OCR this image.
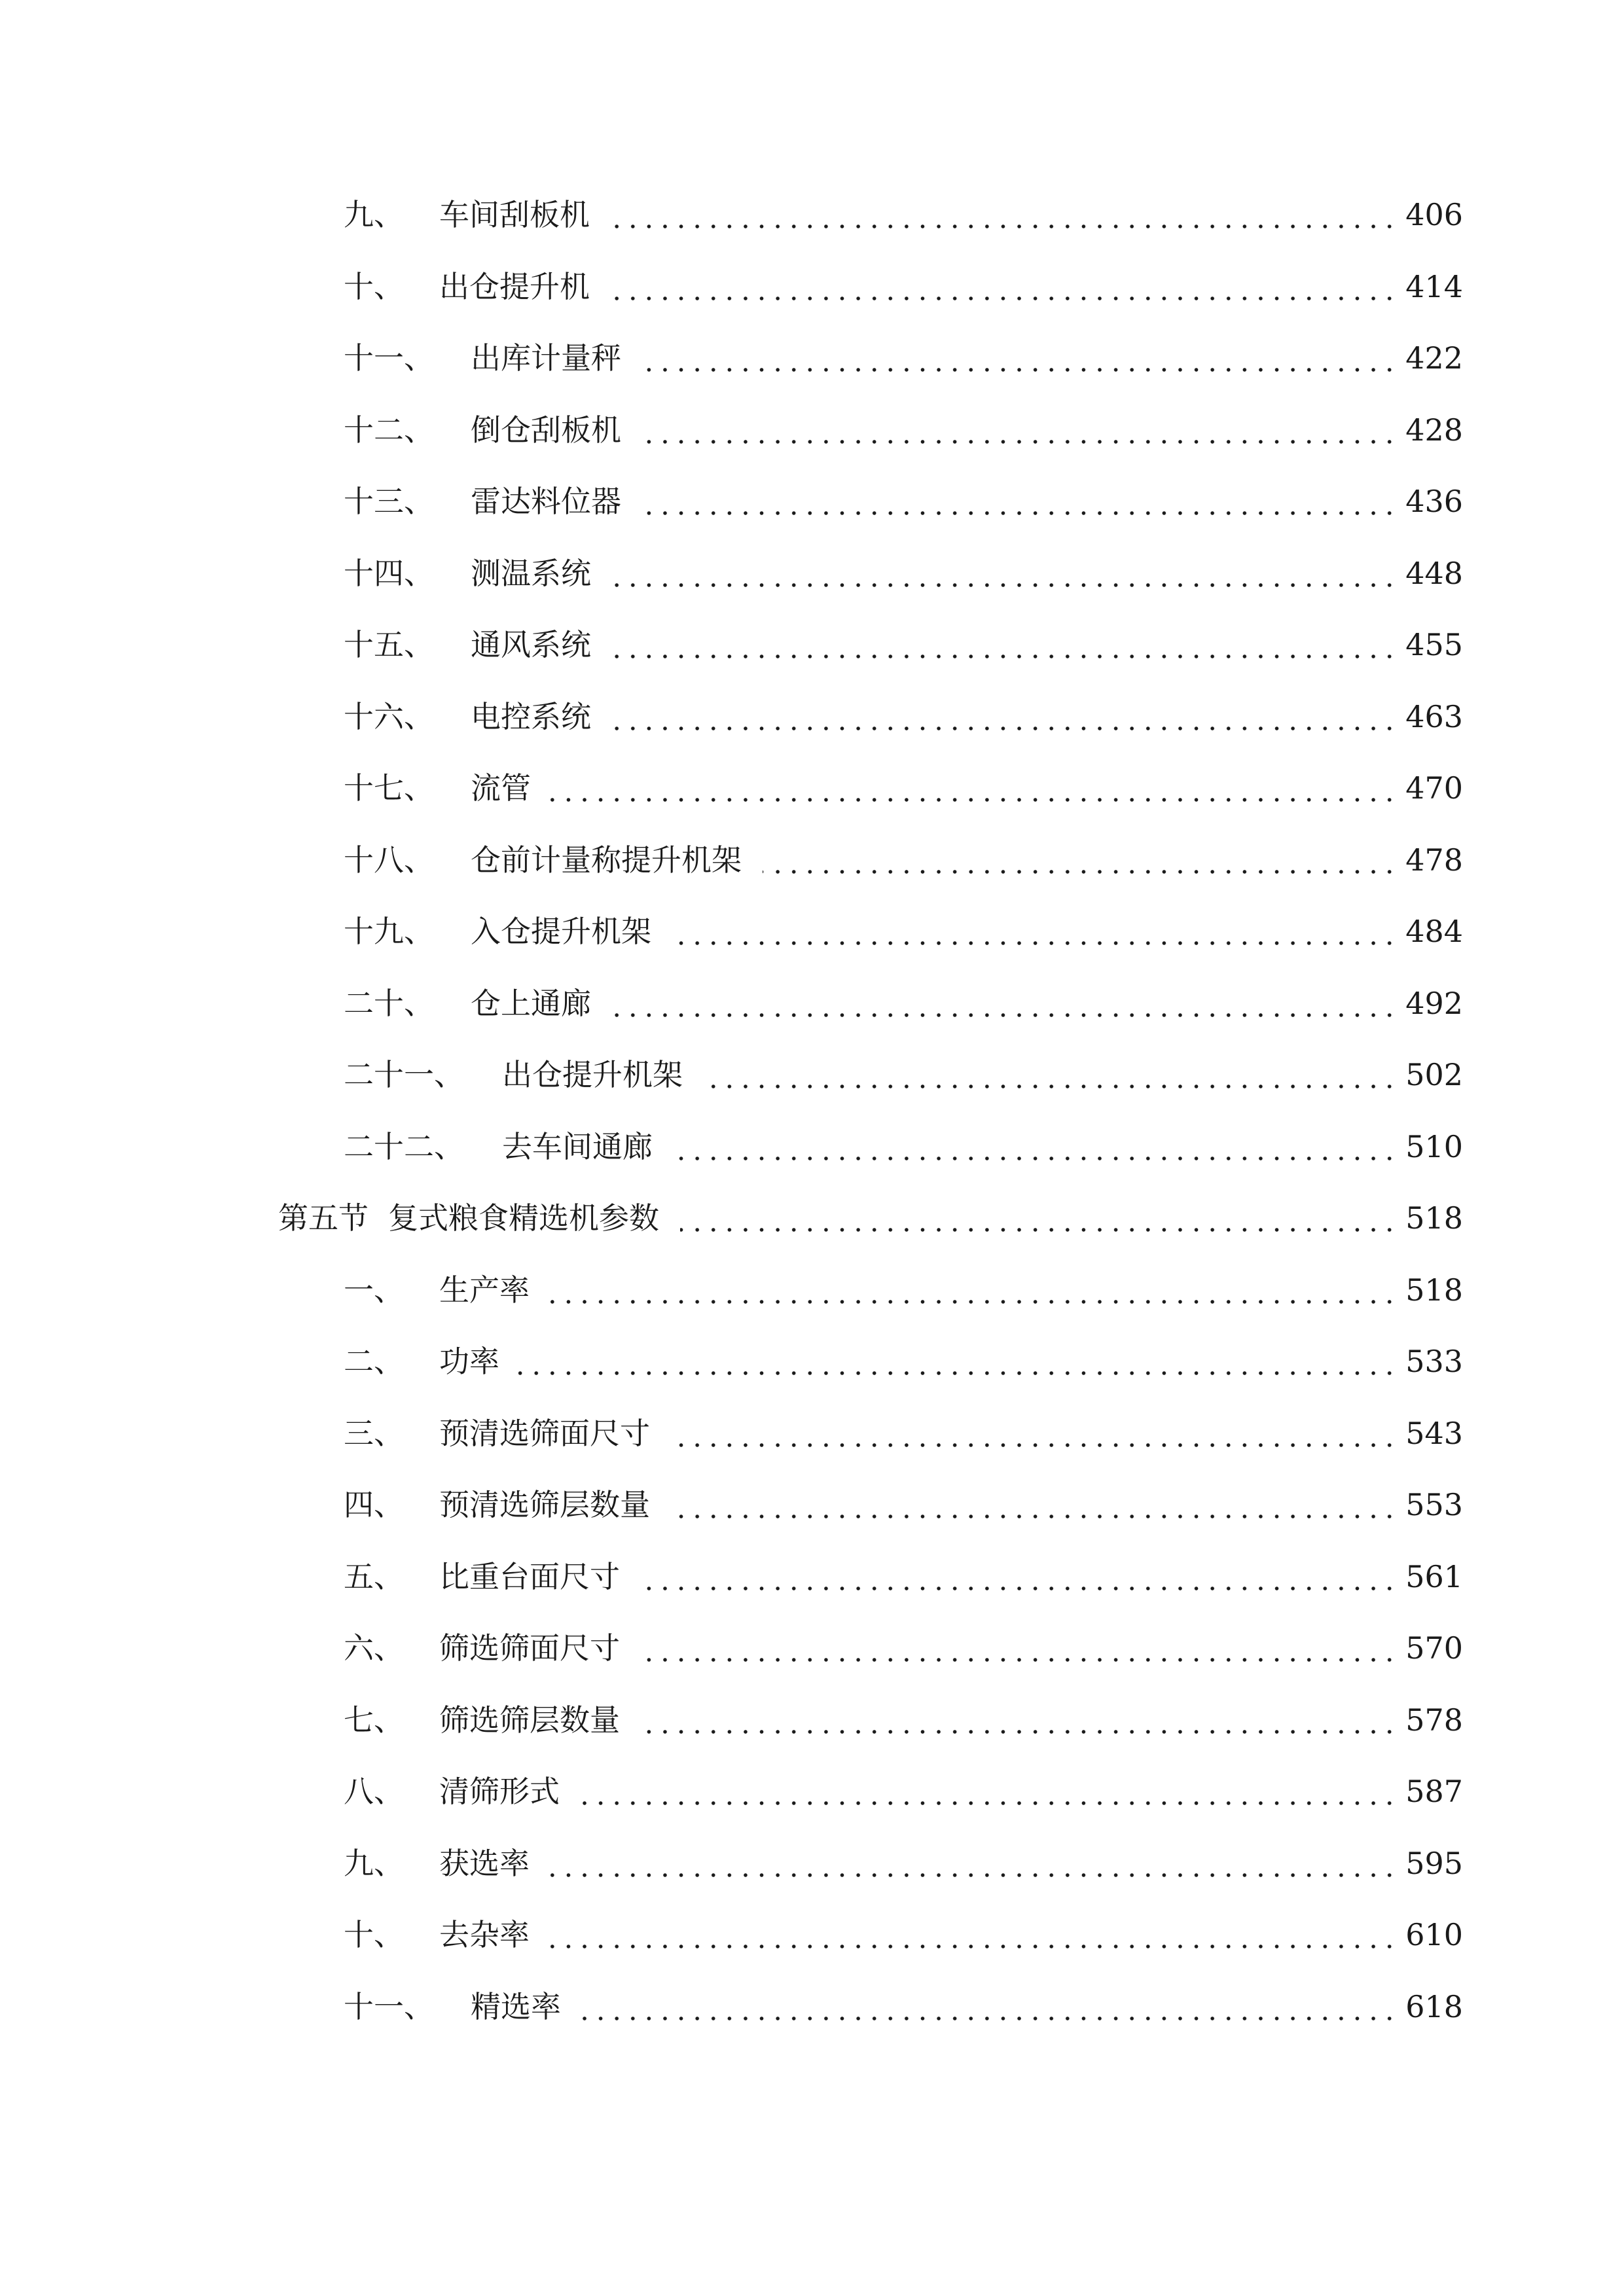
九、 车间刮板机	406
十、 出仓提升机	414
十一、 出库计量秤	422
十二、 倒仓刮板机	428
十三、 雷达料位器	436
十四、 测温系统	448
十五、 通风系统	455
十六、 电控系统	463
十七、 流管	470
十八、 仓前计量称提升机架	478
十九、 入仓提升机架	484
二十、 仓上通廊	492
二十一、 出仓提升机架	502
二十二、 去车间通廊	510
第五节 复式粮食精选机参数	518
一、 生产率	518
二、 功率	533
三、 预清选筛面尺寸	543
四、 预清选筛层数量	553
五、 比重台面尺寸	561
六、 筛选筛面尺寸	570
七、 筛选筛层数量	578
八、 清筛形式	587
九、 获选率	595
十、 去杂率	610
十一、 精选率	618
